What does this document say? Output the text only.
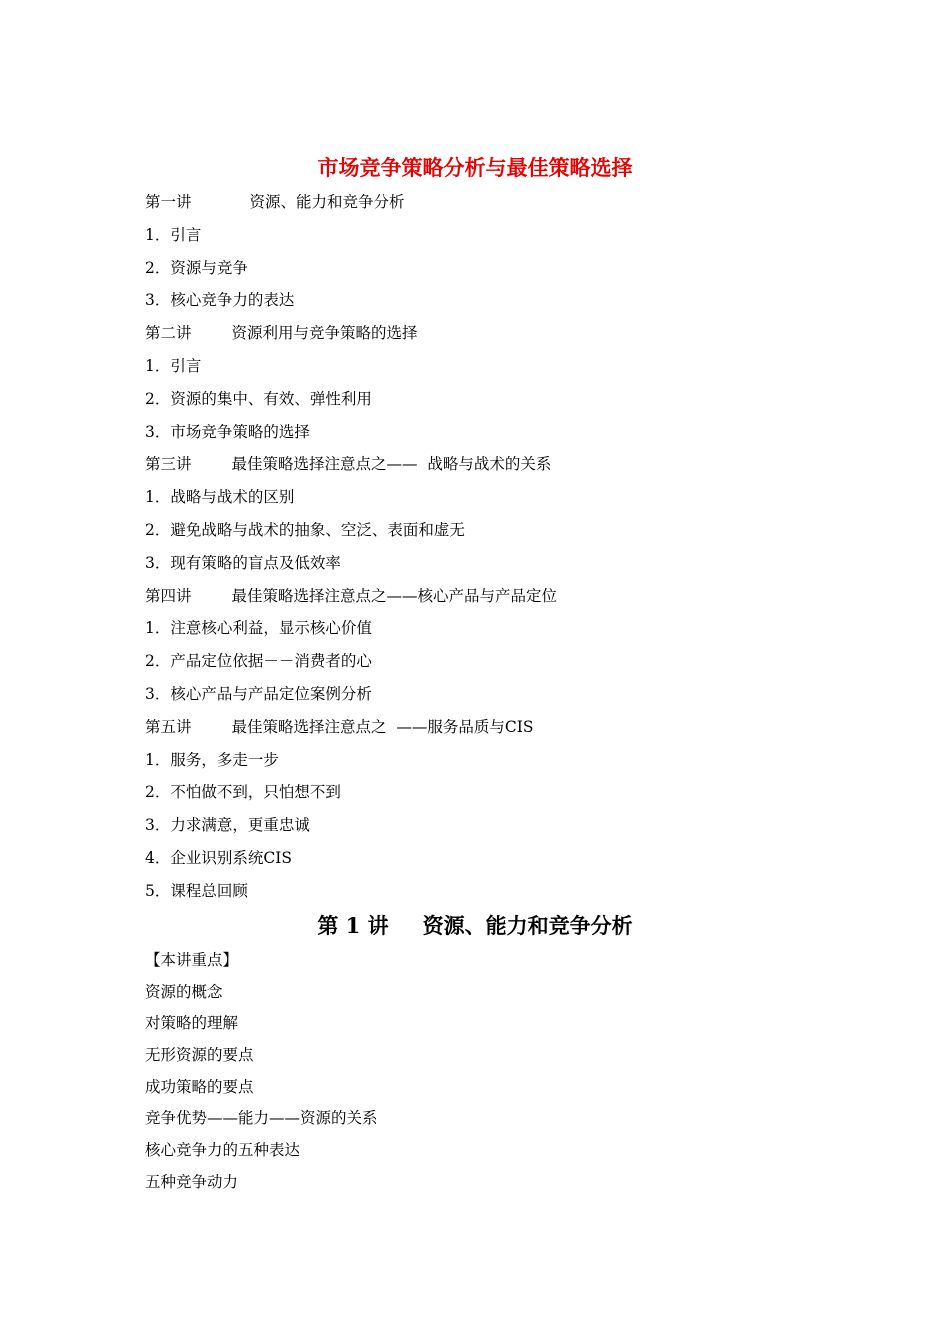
市场竞争策略分析与最佳策略选择
第一讲	资源、能力和竞争分析
1．引言
2．资源与竞争
3．核心竞争力的表达
第二讲	资源利用与竞争策略的选择
1．引言
2．资源的集中、有效、弹性利用
3．市场竞争策略的选择
第三讲	最佳策略选择注意点之——  战略与战术的关系
1．战略与战术的区别
2．避免战略与战术的抽象、空泛、表面和虚无
3．现有策略的盲点及低效率
第四讲	最佳策略选择注意点之——核心产品与产品定位
1．注意核心利益，显示核心价值
2．产品定位依据－－消费者的心
3．核心产品与产品定位案例分析
第五讲	最佳策略选择注意点之  ——服务品质与CIS
1．服务，多走一步
2．不怕做不到，只怕想不到
3．力求满意，更重忠诚
4．企业识别系统CIS
5．课程总回顾
第 1 讲 资源、能力和竞争分析
【本讲重点】
资源的概念
对策略的理解
无形资源的要点
成功策略的要点
竞争优势——能力——资源的关系
核心竞争力的五种表达
五种竞争动力
